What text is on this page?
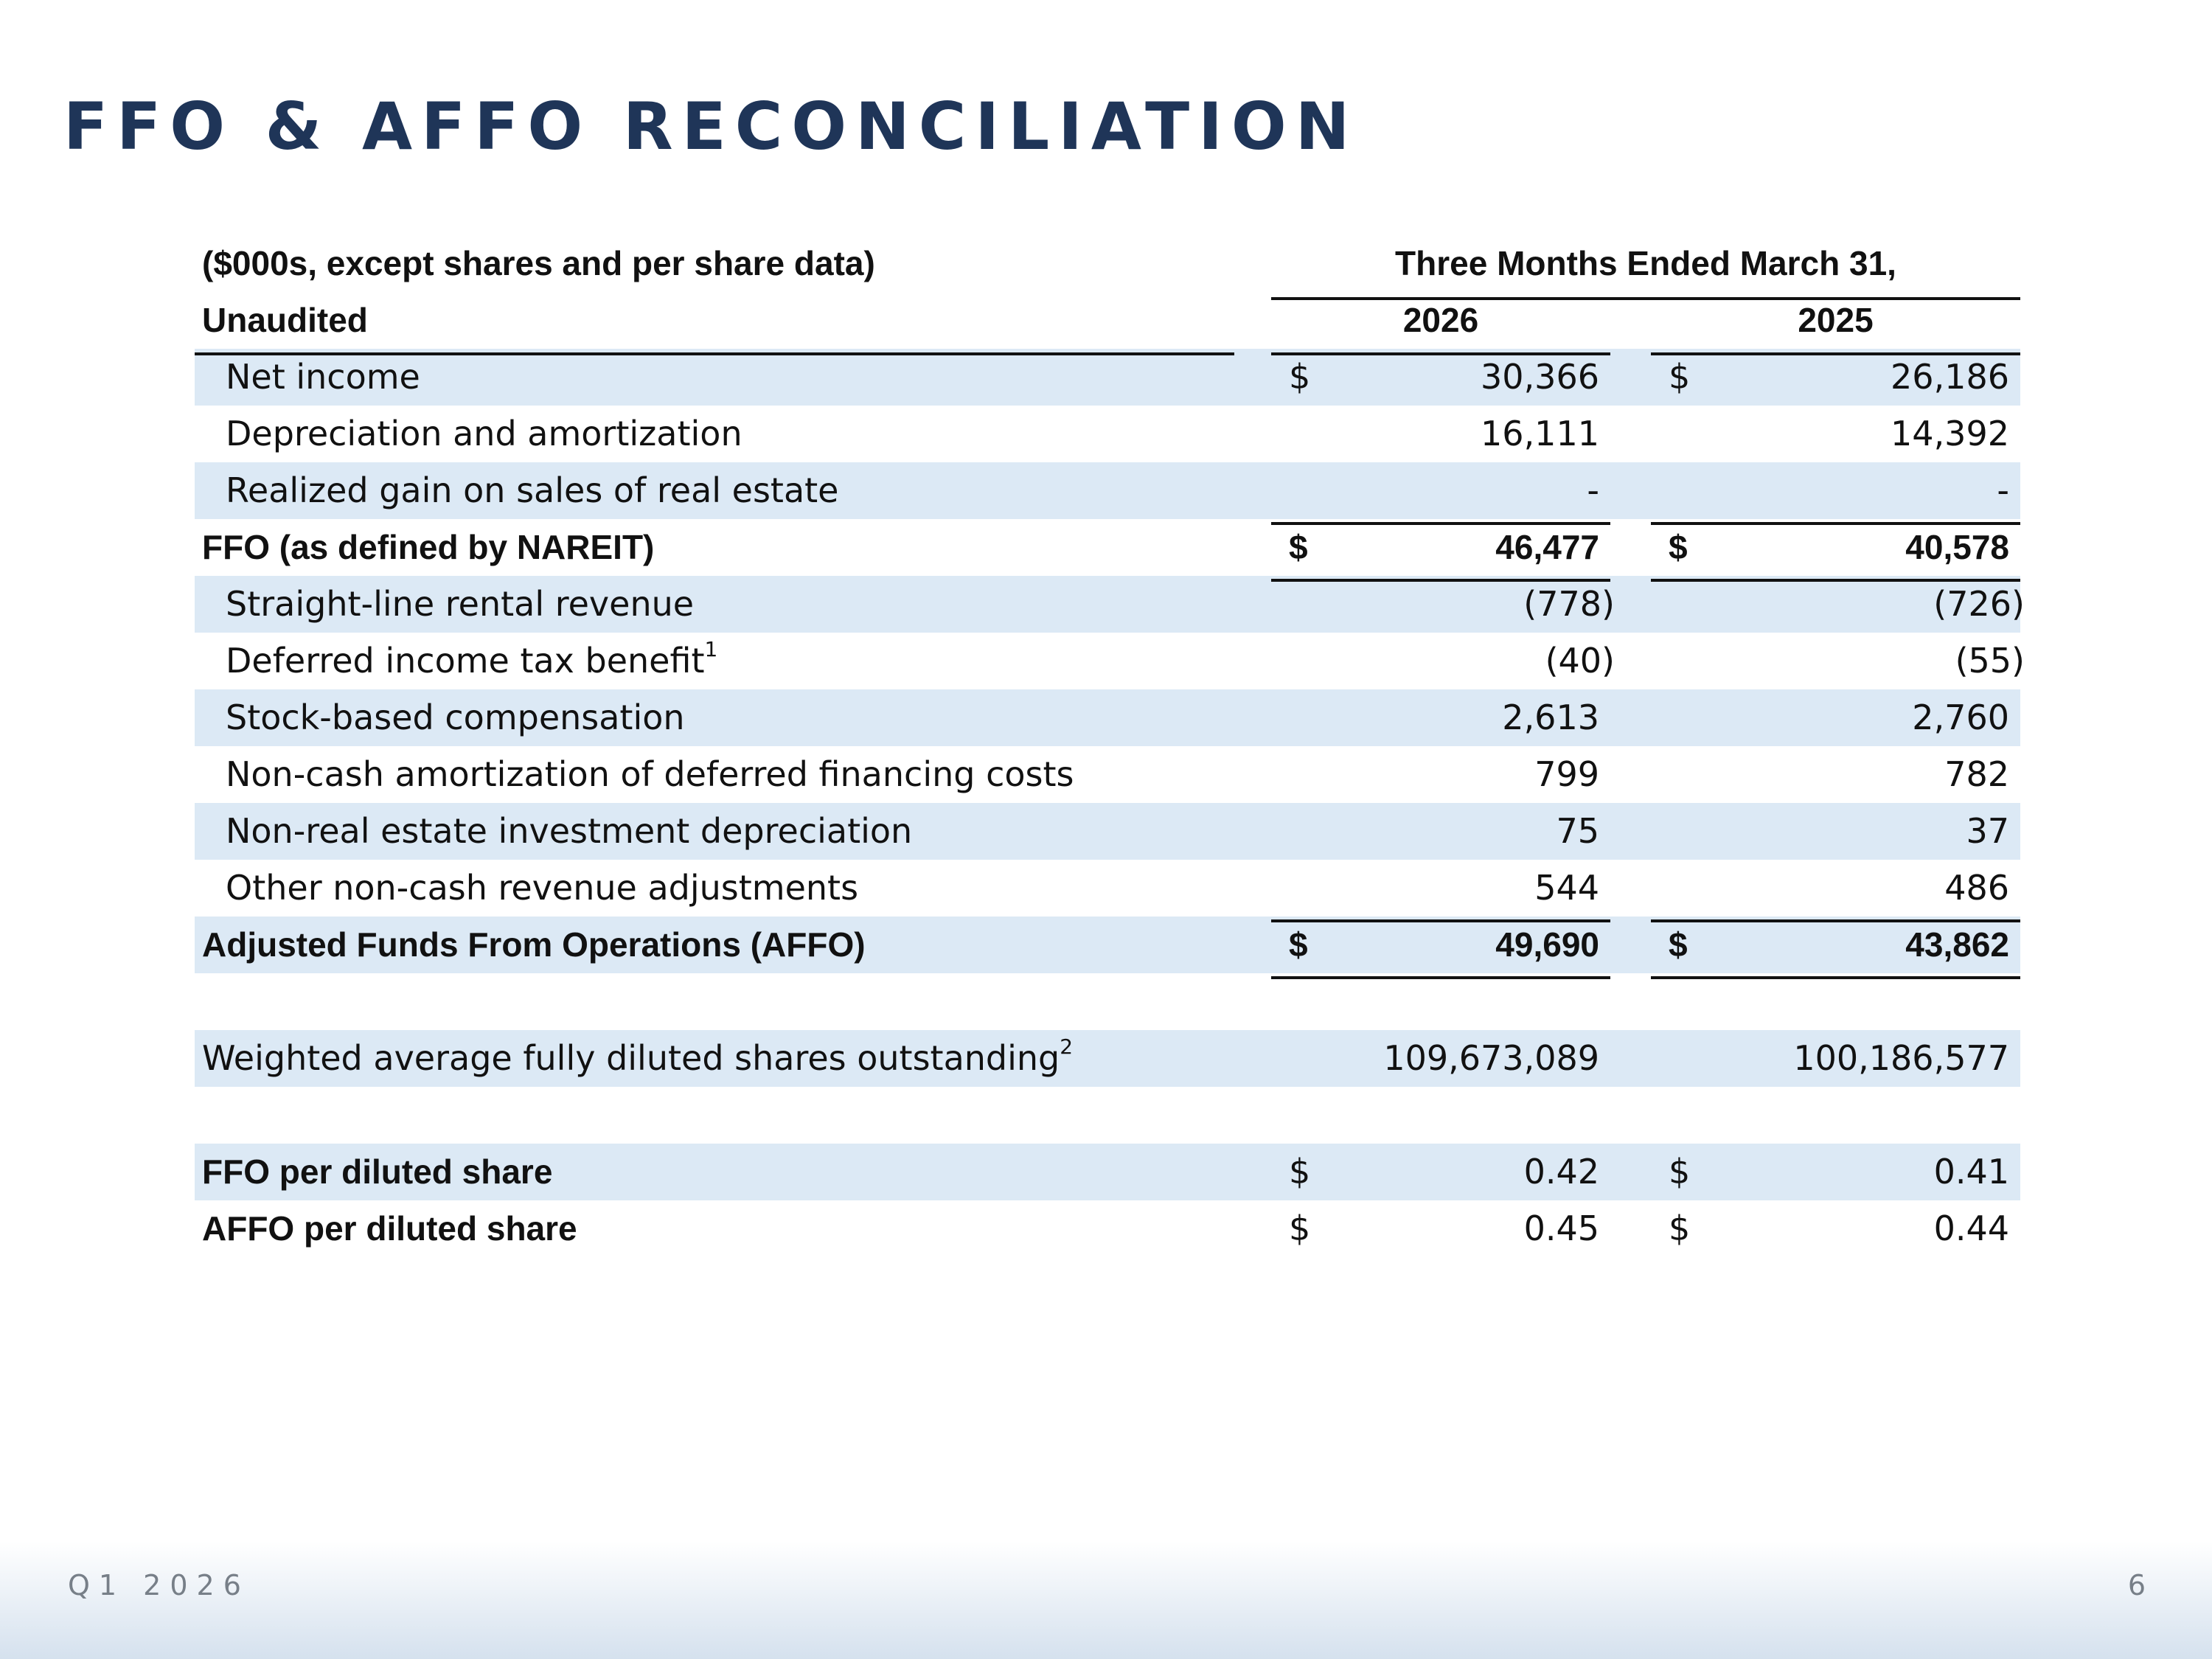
FFO & AFFO RECONCILIATION
($000s, except shares and per share data)	Three Months Ended March 31,
Unaudited	2026	2025
Net income	$	30,366 $	26,186
Depreciation and amortization	16,111	14,392
Realized gain on sales of real estate	-	-
FFO (as defined by NAREIT)	$	46,477 $	40,578
Straight-line rental revenue	(778)	(726)
Deferred income tax benefit$^1$	(40)	(55)
Stock-based compensation	2,613	2,760
Non-cash amortization of deferred financing costs	799	782
Non-real estate investment depreciation	75	37
Other non-cash revenue adjustments	544	486
Adjusted Funds From Operations (AFFO)	$	49,690 $	43,862
Weighted average fully diluted shares outstanding$^2$	109,673,089	100,186,577
FFO per diluted share	$	0.42 $	0.41
AFFO per diluted share	$	0.45 $	0.44
Q1 2026	6
